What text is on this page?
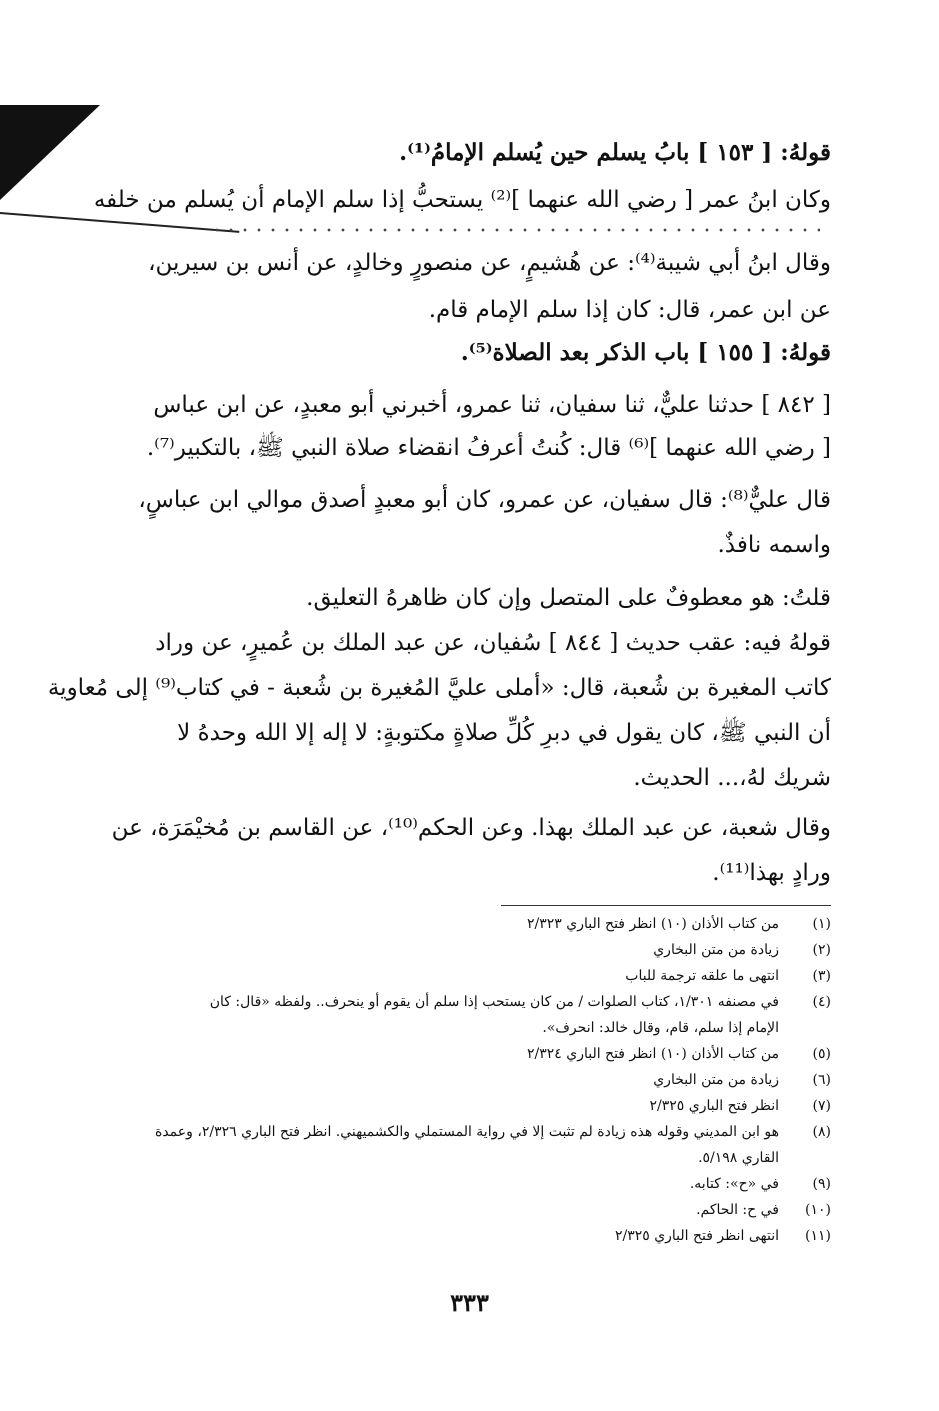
قولهُ: [ ١٥٣ ] بابُ يسلم حين يُسلم الإمامُ⁽¹⁾.
وكان ابنُ عمر [ رضي الله عنهما ]⁽²⁾ يستحبُّ إذا سلم الإمام أن يُسلم من خلفه
وقال ابنُ أبي شيبة⁽⁴⁾: عن هُشيمٍ، عن منصورٍ وخالدٍ، عن أنس بن سيرين،
عن ابن عمر، قال: كان إذا سلم الإمام قام.
قولهُ: [ ١٥٥ ] باب الذكر بعد الصلاة⁽⁵⁾.
[ ٨٤٢ ] حدثنا عليٌّ، ثنا سفيان، ثنا عمرو، أخبرني أبو معبدٍ، عن ابن عباس
[ رضي الله عنهما ]⁽⁶⁾ قال: كُنتُ أعرفُ انقضاء صلاة النبي ﷺ، بالتكبير⁽⁷⁾.
قال عليٌّ⁽⁸⁾: قال سفيان، عن عمرو، كان أبو معبدٍ أصدق موالي ابن عباسٍ،
واسمه نافذٌ.
قلتُ: هو معطوفٌ على المتصل وإن كان ظاهرهُ التعليق.
قولهُ فيه: عقب حديث [ ٨٤٤ ] سُفيان، عن عبد الملك بن عُميرٍ، عن وراد
كاتب المغيرة بن شُعبة، قال: «أملى عليَّ المُغيرة بن شُعبة - في كتاب⁽⁹⁾ إلى مُعاوية
أن النبي ﷺ، كان يقول في دبرِ كُلِّ صلاةٍ مكتوبةٍ: لا إله إلا الله وحدهُ لا
شريك لهُ،... الحديث.
وقال شعبة، عن عبد الملك بهذا. وعن الحكم⁽¹⁰⁾، عن القاسم بن مُخيْمَرَة، عن
ورادٍ بهذا⁽¹¹⁾.
(١)من كتاب الأذان (١٠) انظر فتح الباري ٢/٣٢٣
(٢)زيادة من متن البخاري
(٣)انتهى ما علقه ترجمة للباب
(٤)في مصنفه ١/٣٠١، كتاب الصلوات / من كان يستحب إذا سلم أن يقوم أو ينحرف.. ولفظه «قال: كان
الإمام إذا سلم، قام، وقال خالد: انحرف».
(٥)من كتاب الأذان (١٠) انظر فتح الباري ٢/٣٢٤
(٦)زيادة من متن البخاري
(٧)انظر فتح الباري ٢/٣٢٥
(٨)هو ابن المديني وقوله هذه زيادة لم تثبت إلا في رواية المستملي والكشميهني. انظر فتح الباري ٢/٣٢٦، وعمدة
القاري ٥/١٩٨.
(٩)في «ح»: كتابه.
(١٠)في ح: الحاكم.
(١١)انتهى انظر فتح الباري ٢/٣٢٥
٣٣٣
